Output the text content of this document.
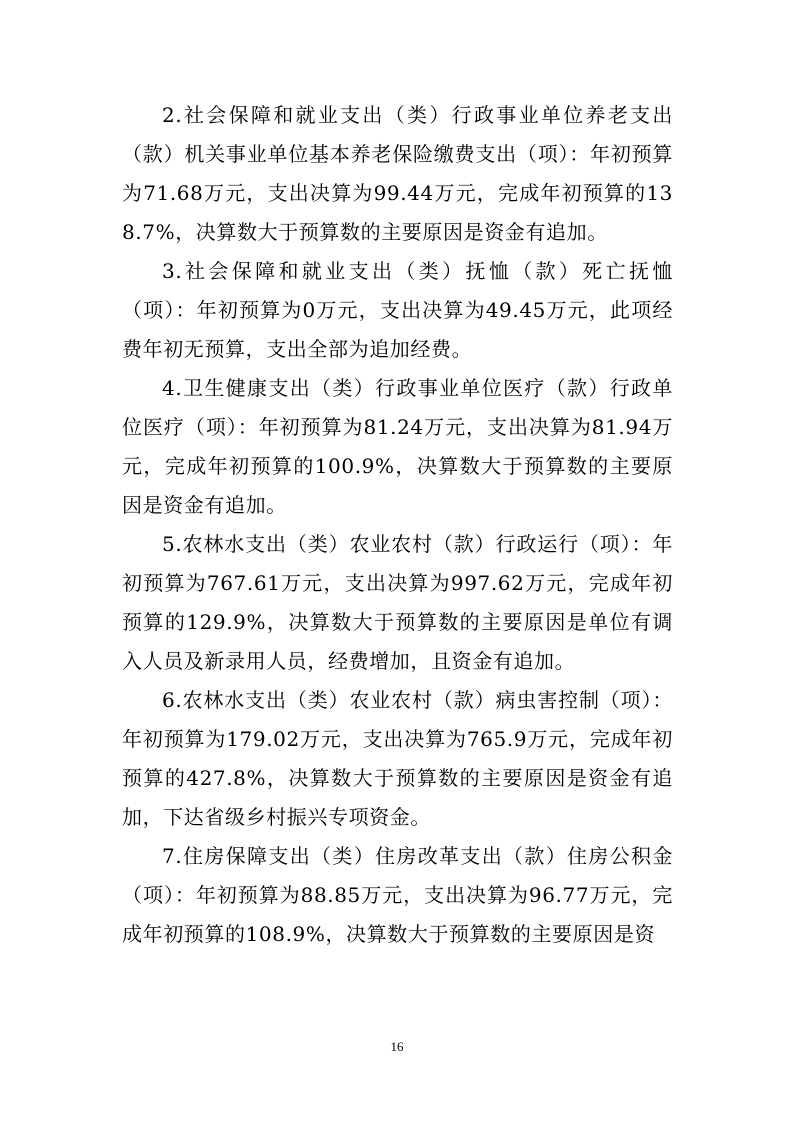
2.社会保障和就业支出（类）行政事业单位养老支出（款）机关事业单位基本养老保险缴费支出（项）：年初预算为71.68万元，支出决算为99.44万元，完成年初预算的138.7%，决算数大于预算数的主要原因是资金有追加。

3.社会保障和就业支出（类）抚恤（款）死亡抚恤（项）：年初预算为0万元，支出决算为49.45万元，此项经费年初无预算，支出全部为追加经费。

4.卫生健康支出（类）行政事业单位医疗（款）行政单位医疗（项）：年初预算为81.24万元，支出决算为81.94万元，完成年初预算的100.9%，决算数大于预算数的主要原因是资金有追加。

5.农林水支出（类）农业农村（款）行政运行（项）：年初预算为767.61万元，支出决算为997.62万元，完成年初预算的129.9%，决算数大于预算数的主要原因是单位有调入人员及新录用人员，经费增加，且资金有追加。

6.农林水支出（类）农业农村（款）病虫害控制（项）：年初预算为179.02万元，支出决算为765.9万元，完成年初预算的427.8%，决算数大于预算数的主要原因是资金有追加，下达省级乡村振兴专项资金。

7.住房保障支出（类）住房改革支出（款）住房公积金（项）：年初预算为88.85万元，支出决算为96.77万元，完成年初预算的108.9%，决算数大于预算数的主要原因是资

16
